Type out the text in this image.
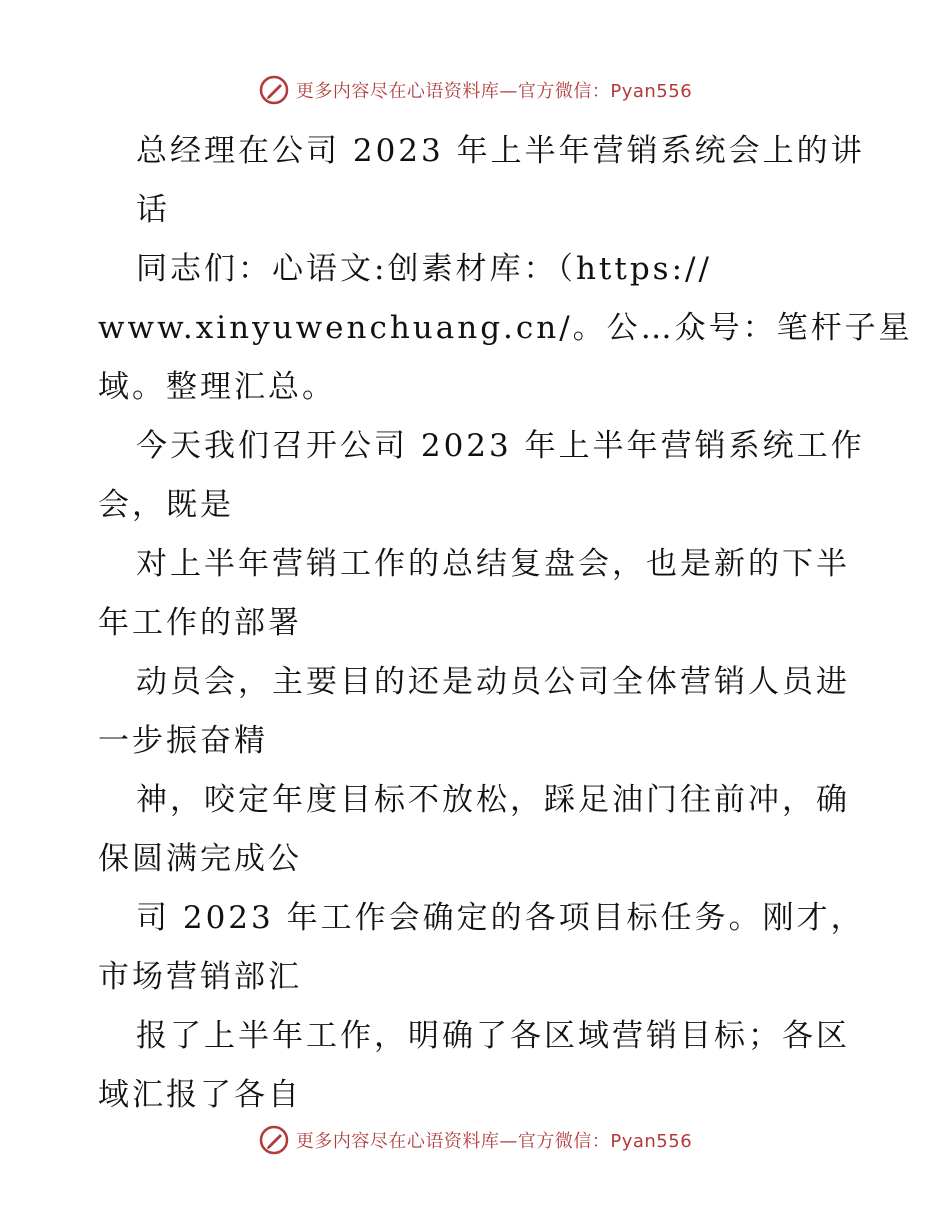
更多内容尽在心语资料库—官方微信：Pyan556
总经理在公司 2023 年上半年营销系统会上的讲
话
同志们：心语文:创素材库：（https://
www.xinyuwenchuang.cn/。公…众号：笔杆子星
域。整理汇总。
今天我们召开公司 2023 年上半年营销系统工作
会，既是
对上半年营销工作的总结复盘会，也是新的下半
年工作的部署
动员会，主要目的还是动员公司全体营销人员进
一步振奋精
神，咬定年度目标不放松，踩足油门往前冲，确
保圆满完成公
司 2023 年工作会确定的各项目标任务。刚才，
市场营销部汇
报了上半年工作，明确了各区域营销目标；各区
域汇报了各自
更多内容尽在心语资料库—官方微信：Pyan556
